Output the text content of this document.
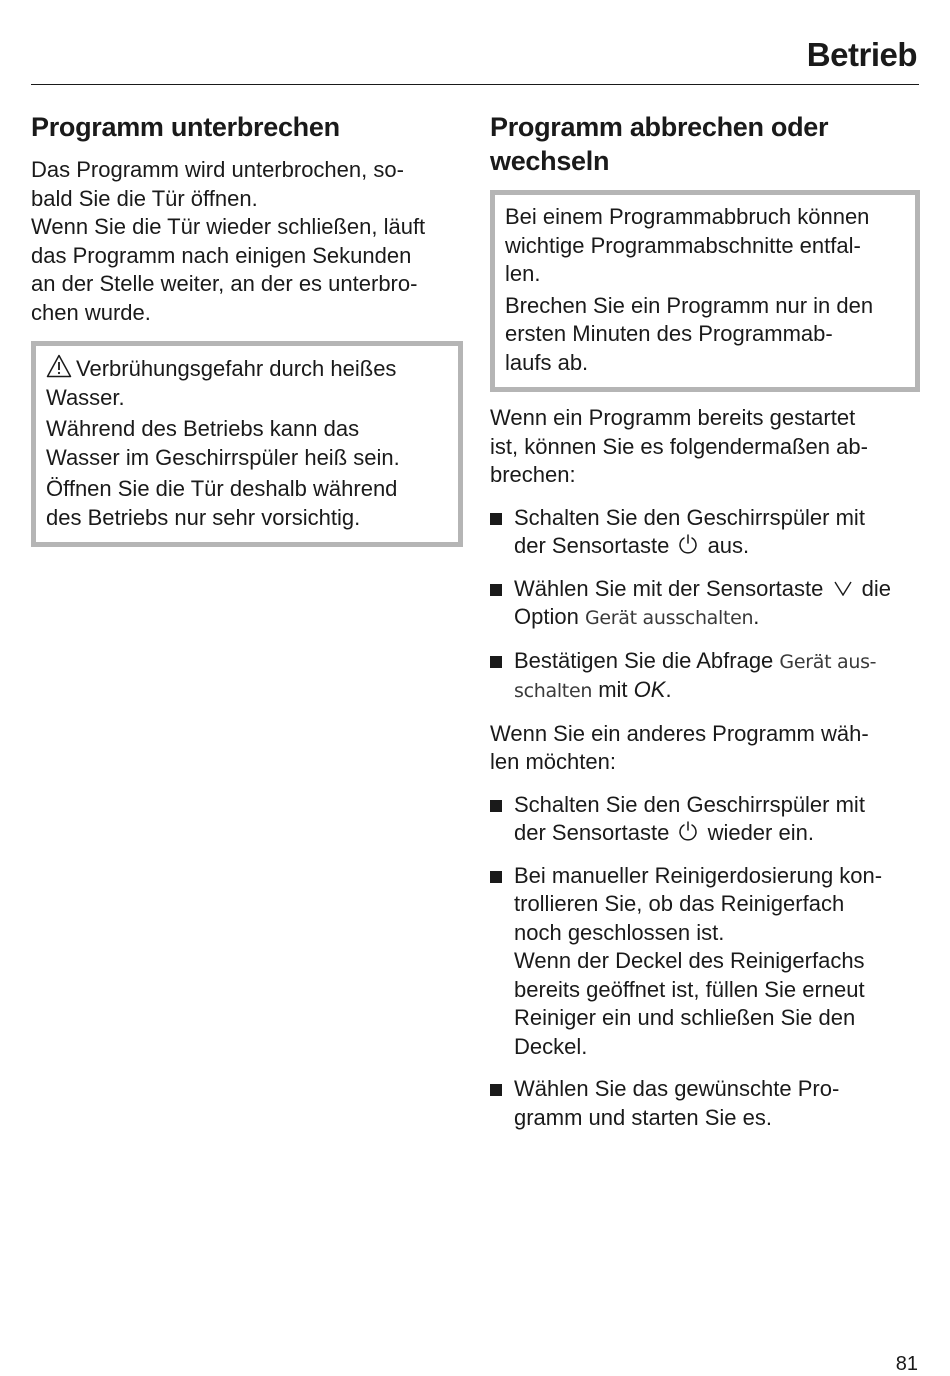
Betrieb
Programm unterbrechen

Das Programm wird unterbrochen, so-
bald Sie die Tür öffnen.

Wenn Sie die Tür wieder schließen, läuft
das Programm nach einigen Sekunden
an der Stelle weiter, an der es unterbro-
chen wurde.

Verbrühungsgefahr durch heißes
Wasser.

Während des Betriebs kann das
Wasser im Geschirrspüler heiß sein.

Öffnen Sie die Tür deshalb während
des Betriebs nur sehr vorsichtig.

Programm abbrechen oder
wechseln

Bei einem Programmabbruch können
wichtige Programmabschnitte entfal-
len.

Brechen Sie ein Programm nur in den
ersten Minuten des Programmab-
laufs ab.

Wenn ein Programm bereits gestartet
ist, können Sie es folgendermaßen ab-
brechen:

Schalten Sie den Geschirrspüler mit
der Sensortaste aus.
Wählen Sie mit der Sensortaste die
Option Gerät ausschalten.
Bestätigen Sie die Abfrage Gerät aus-
schalten mit OK.

Wenn Sie ein anderes Programm wäh-
len möchten:

Schalten Sie den Geschirrspüler mit
der Sensortaste wieder ein.
Bei manueller Reinigerdosierung kon-
trollieren Sie, ob das Reinigerfach
noch geschlossen ist.
Wenn der Deckel des Reinigerfachs
bereits geöffnet ist, füllen Sie erneut
Reiniger ein und schließen Sie den
Deckel.
Wählen Sie das gewünschte Pro-
gramm und starten Sie es.
81
